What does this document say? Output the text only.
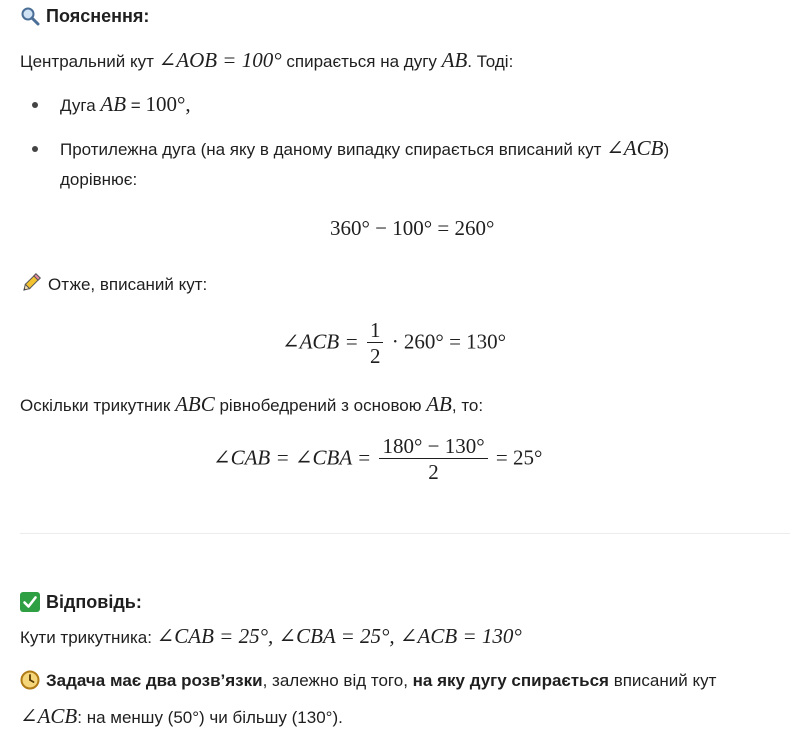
Пояснення:
Центральний кут ∠AOB = 100° спирається на дугу AB. Тоді:
Дуга AB = 100°,
Протилежна дуга (на яку в даному випадку спирається вписаний кут ∠ACB)
дорівнює:
360° − 100° = 260°
Отже, вписаний кут:
∠ACB = $\frac{1}{2} \cdot 260^\circ = 130^\circ$
Оскільки трикутник ABC рівнобедрений з основою AB, то:
∠CAB = ∠CBA = $\frac{180^\circ - 130^\circ}{2} = 25^\circ$
Відповідь:
Кути трикутника: ∠CAB = 25°, ∠CBA = 25°, ∠ACB = 130°
Задача має два розв’язки, залежно від того, на яку дугу спирається вписаний кут
∠ACB: на меншу (50°) чи більшу (130°).
